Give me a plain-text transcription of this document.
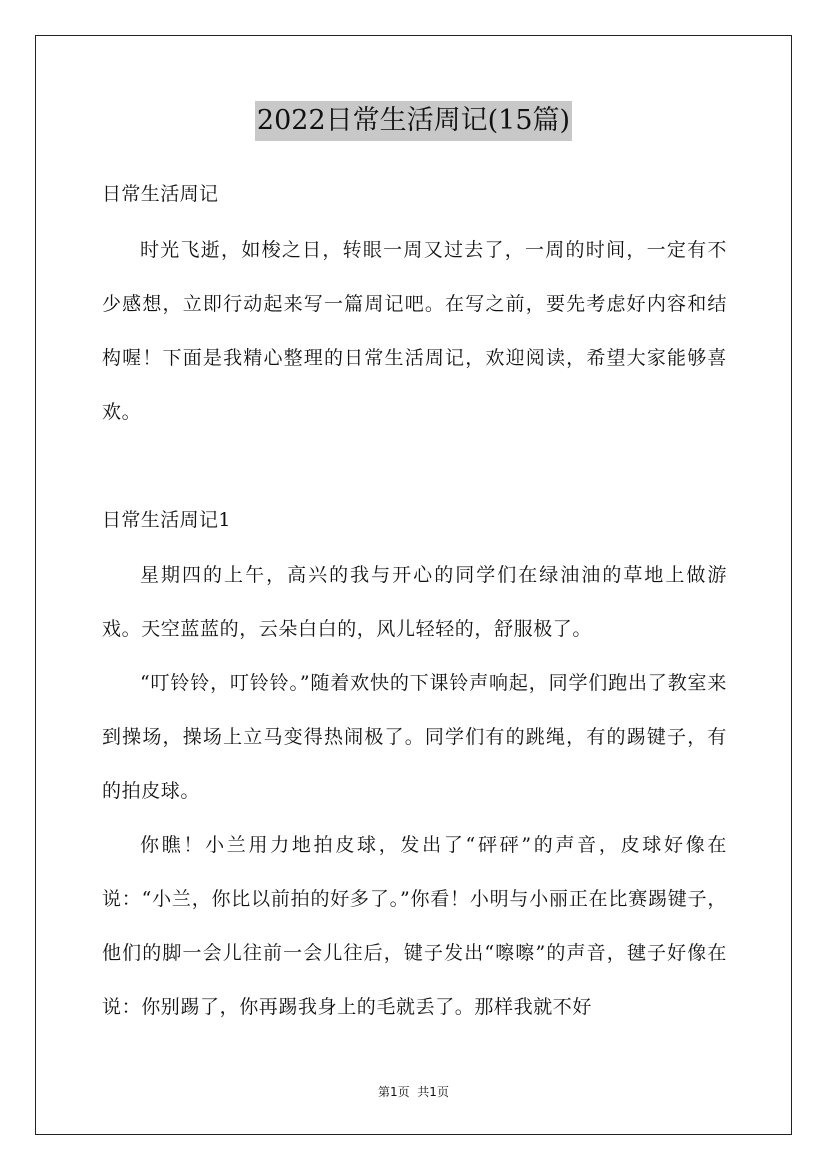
2022日常生活周记(15篇)
日常生活周记

时光飞逝，如梭之日，转眼一周又过去了，一周的时间，一定有不少感想，立即行动起来写一篇周记吧。在写之前，要先考虑好内容和结构喔！下面是我精心整理的日常生活周记，欢迎阅读，希望大家能够喜欢。

日常生活周记1

星期四的上午，高兴的我与开心的同学们在绿油油的草地上做游戏。天空蓝蓝的，云朵白白的，风儿轻轻的，舒服极了。

“叮铃铃，叮铃铃。”随着欢快的下课铃声响起，同学们跑出了教室来到操场，操场上立马变得热闹极了。同学们有的跳绳，有的踢键子，有的拍皮球。

你瞧！小兰用力地拍皮球，发出了“砰砰”的声音，皮球好像在说：“小兰，你比以前拍的好多了。”你看！小明与小丽正在比赛踢键子，他们的脚一会儿往前一会儿往后，键子发出“嚓嚓”的声音，毽子好像在说：你别踢了，你再踢我身上的毛就丢了。那样我就不好

第1页  共1页
